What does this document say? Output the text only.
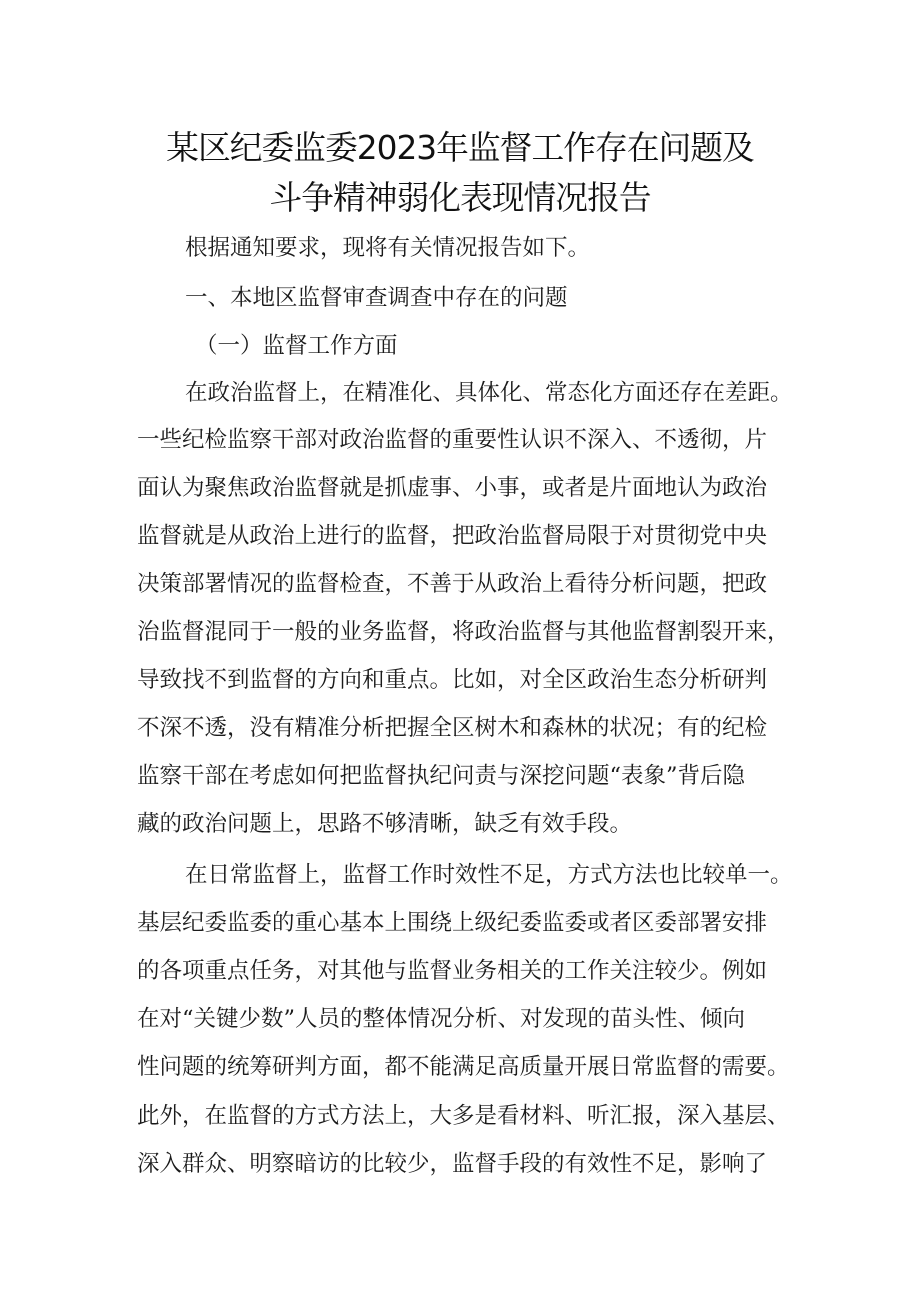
某区纪委监委2023年监督工作存在问题及
斗争精神弱化表现情况报告
根据通知要求，现将有关情况报告如下。
一、本地区监督审查调查中存在的问题
（一）监督工作方面
在政治监督上，在精准化、具体化、常态化方面还存在差距。
一些纪检监察干部对政治监督的重要性认识不深入、不透彻，片
面认为聚焦政治监督就是抓虚事、小事，或者是片面地认为政治
监督就是从政治上进行的监督，把政治监督局限于对贯彻党中央
决策部署情况的监督检查，不善于从政治上看待分析问题，把政
治监督混同于一般的业务监督，将政治监督与其他监督割裂开来，
导致找不到监督的方向和重点。比如，对全区政治生态分析研判
不深不透，没有精准分析把握全区树木和森林的状况；有的纪检
监察干部在考虑如何把监督执纪问责与深挖问题“表象”背后隐
藏的政治问题上，思路不够清晰，缺乏有效手段。
在日常监督上，监督工作时效性不足，方式方法也比较单一。
基层纪委监委的重心基本上围绕上级纪委监委或者区委部署安排
的各项重点任务，对其他与监督业务相关的工作关注较少。例如
在对“关键少数”人员的整体情况分析、对发现的苗头性、倾向
性问题的统筹研判方面，都不能满足高质量开展日常监督的需要。
此外，在监督的方式方法上，大多是看材料、听汇报，深入基层、
深入群众、明察暗访的比较少，监督手段的有效性不足，影响了
